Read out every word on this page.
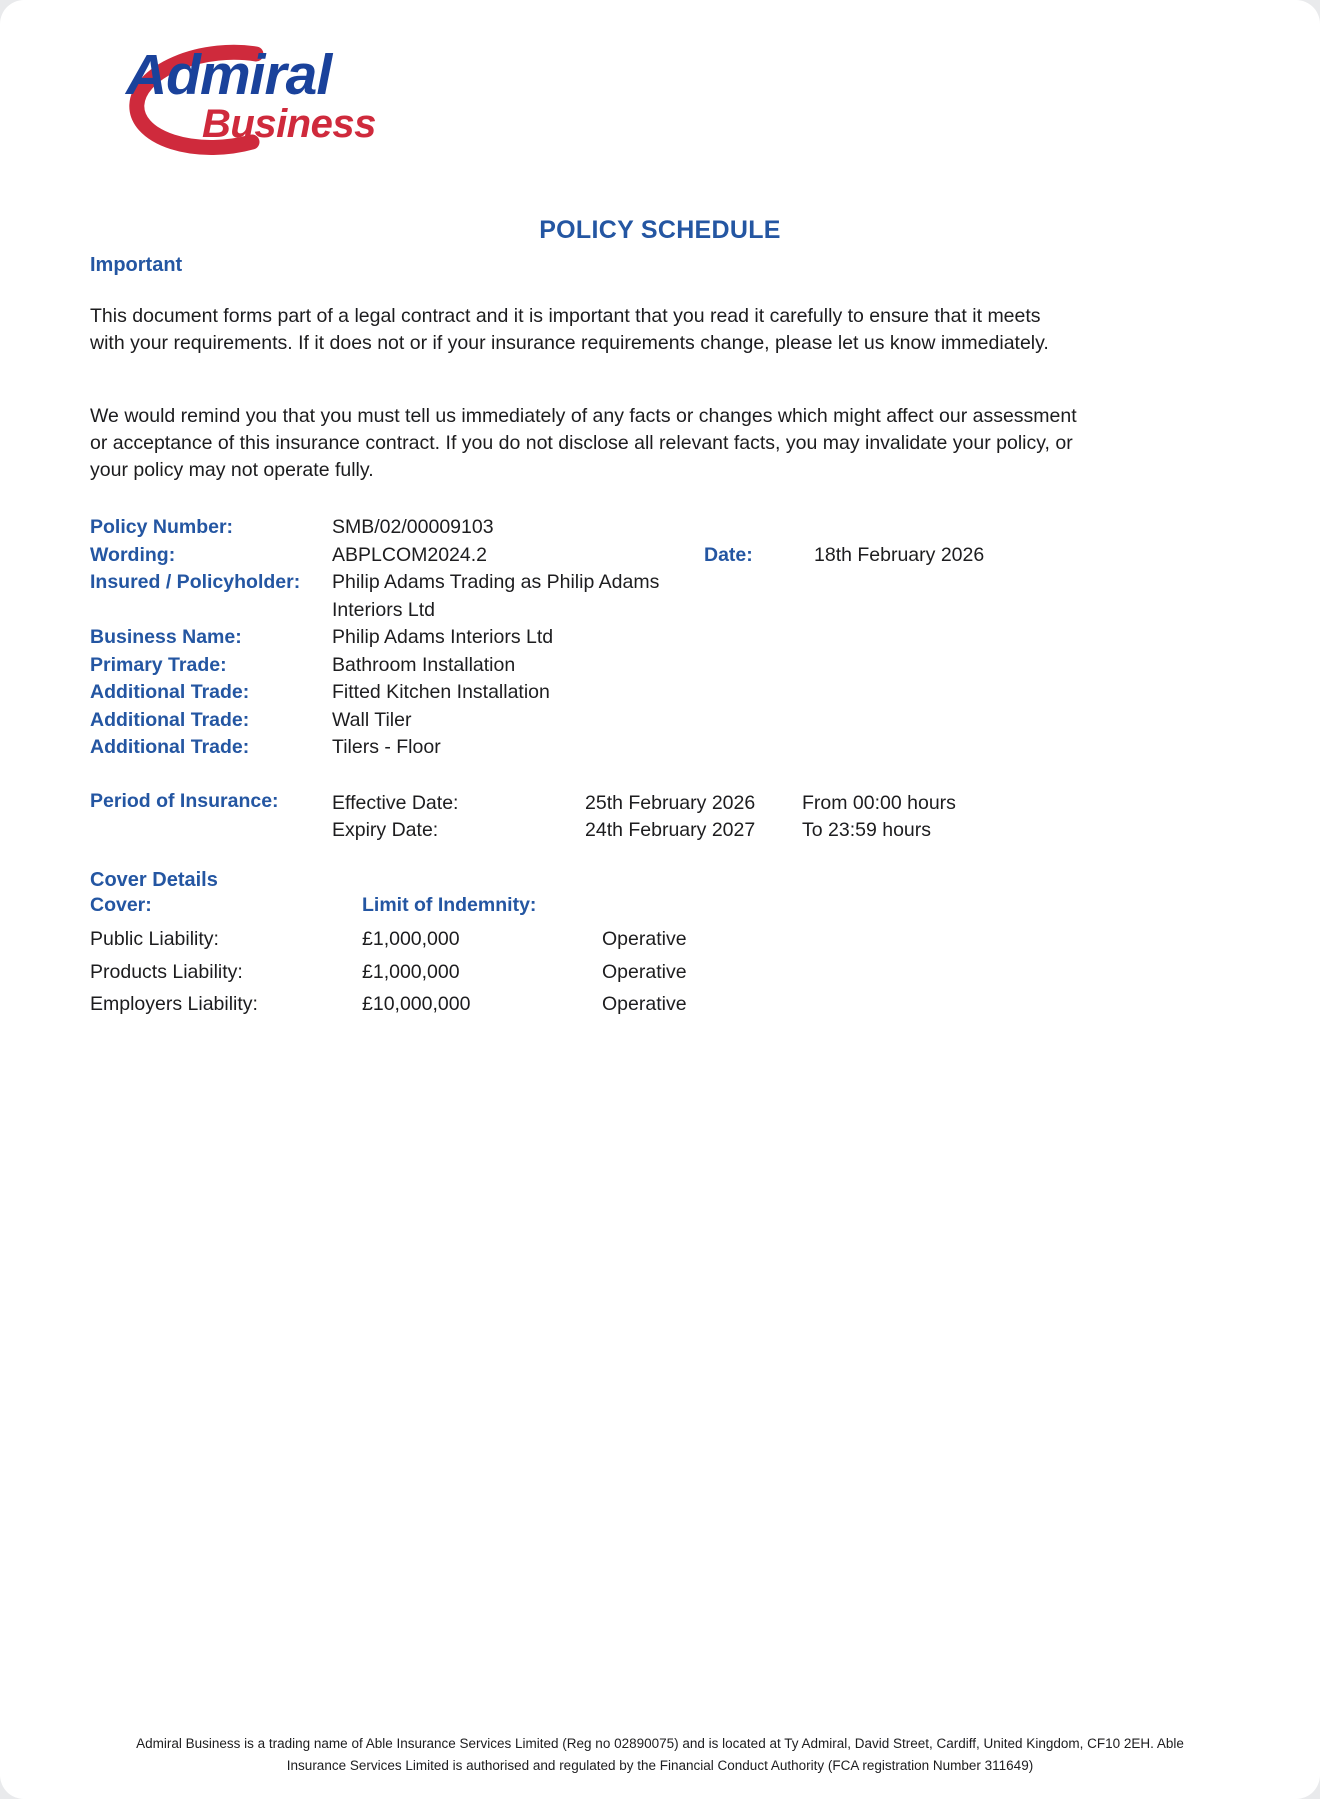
Admiral
Business
POLICY SCHEDULE
Important
This document forms part of a legal contract and it is important that you read it carefully to ensure that it meets with your requirements. If it does not or if your insurance requirements change, please let us know immediately.
We would remind you that you must tell us immediately of any facts or changes which might affect our assessment or acceptance of this insurance contract. If you do not disclose all relevant facts, you may invalidate your policy, or your policy may not operate fully.
Policy Number:	SMB/02/00009103
Wording:	ABPLCOM2024.2	Date:	18th February 2026
Insured / Policyholder:	Philip Adams Trading as Philip Adams Interiors Ltd
Business Name:	Philip Adams Interiors Ltd
Primary Trade:	Bathroom Installation
Additional Trade:	Fitted Kitchen Installation
Additional Trade:	Wall Tiler
Additional Trade:	Tilers - Floor
Period of Insurance:	Effective Date:	25th February 2026	From 00:00 hours
Expiry Date:	24th February 2027	To 23:59 hours
Cover Details
Cover:	Limit of Indemnity:
Public Liability:	£1,000,000	Operative
Products Liability:	£1,000,000	Operative
Employers Liability:	£10,000,000	Operative
Admiral Business is a trading name of Able Insurance Services Limited (Reg no 02890075) and is located at Ty Admiral, David Street, Cardiff, United Kingdom, CF10 2EH. Able
Insurance Services Limited is authorised and regulated by the Financial Conduct Authority (FCA registration Number 311649)
